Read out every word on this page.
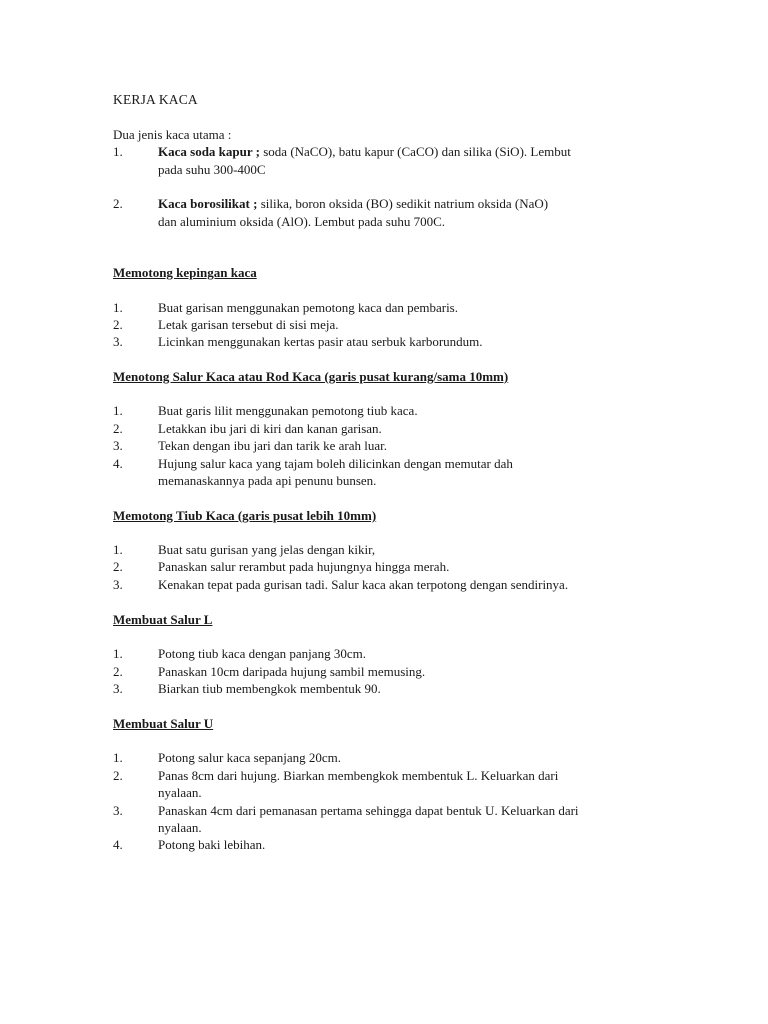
KERJA KACA
Dua jenis kaca utama :
1.	Kaca soda kapur ; soda (NaCO), batu kapur (CaCO) dan silika (SiO). Lembut
pada suhu 300-400C
2.	Kaca borosilikat ; silika, boron oksida (BO) sedikit natrium oksida (NaO)
dan aluminium oksida (AlO). Lembut pada suhu 700C.
Memotong kepingan kaca
1.	Buat garisan menggunakan pemotong kaca dan pembaris.
2.	Letak garisan tersebut di sisi meja.
3.	Licinkan menggunakan kertas pasir atau serbuk karborundum.
Menotong Salur Kaca atau Rod Kaca (garis pusat kurang/sama 10mm)
1.	Buat garis lilit menggunakan pemotong tiub kaca.
2.	Letakkan ibu jari di kiri dan kanan garisan.
3.	Tekan dengan ibu jari dan tarik ke arah luar.
4.	Hujung salur kaca yang tajam boleh dilicinkan dengan memutar dah
memanaskannya pada api penunu bunsen.
Memotong Tiub Kaca (garis pusat lebih 10mm)
1.	Buat satu gurisan yang jelas dengan kikir,
2.	Panaskan salur rerambut pada hujungnya hingga merah.
3.	Kenakan tepat pada gurisan tadi. Salur kaca akan terpotong dengan sendirinya.
Membuat Salur L
1.	Potong tiub kaca dengan panjang 30cm.
2.	Panaskan 10cm daripada hujung sambil memusing.
3.	Biarkan tiub membengkok membentuk 90.
Membuat Salur U
1.	Potong salur kaca sepanjang 20cm.
2.	Panas 8cm dari hujung. Biarkan membengkok membentuk L. Keluarkan dari
nyalaan.
3.	Panaskan 4cm dari pemanasan pertama sehingga dapat bentuk U. Keluarkan dari
nyalaan.
4.	Potong baki lebihan.
